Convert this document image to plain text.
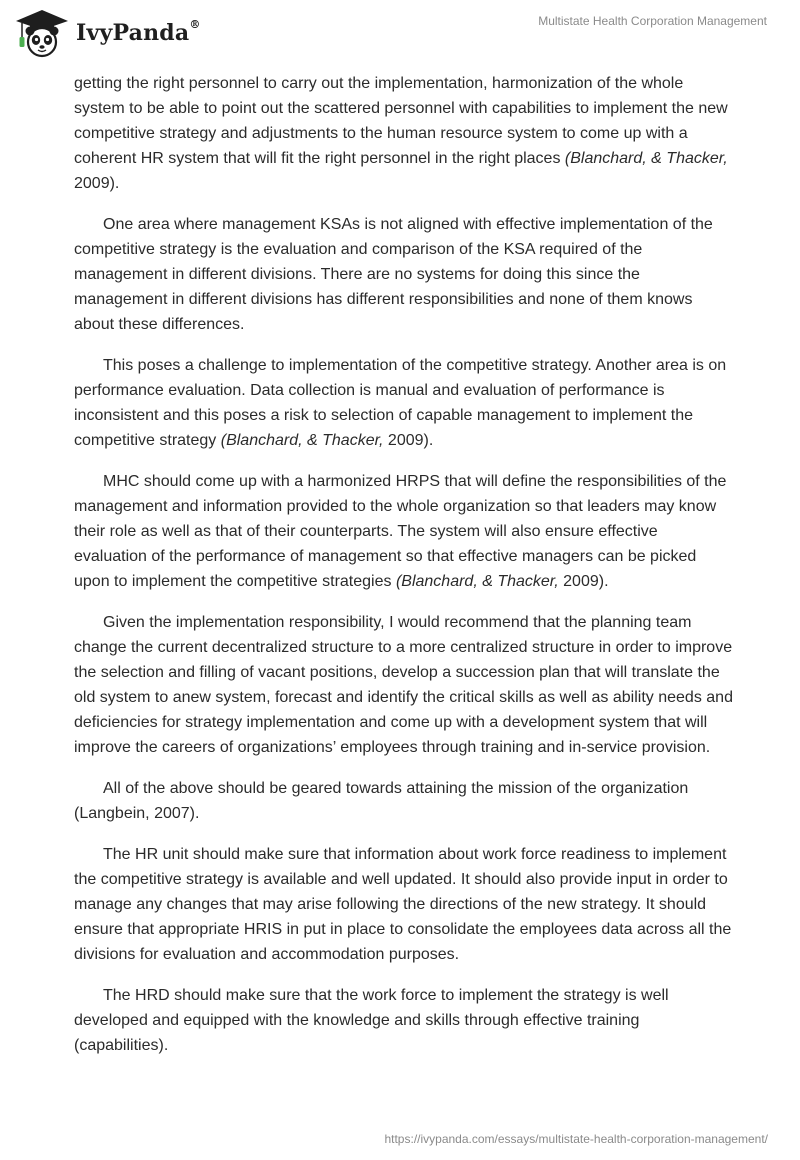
IvyPanda®	Multistate Health Corporation Management

getting the right personnel to carry out the implementation, harmonization of the whole system to be able to point out the scattered personnel with capabilities to implement the new competitive strategy and adjustments to the human resource system to come up with a coherent HR system that will fit the right personnel in the right places (Blanchard, & Thacker, 2009).

One area where management KSAs is not aligned with effective implementation of the competitive strategy is the evaluation and comparison of the KSA required of the management in different divisions. There are no systems for doing this since the management in different divisions has different responsibilities and none of them knows about these differences.

This poses a challenge to implementation of the competitive strategy. Another area is on performance evaluation. Data collection is manual and evaluation of performance is inconsistent and this poses a risk to selection of capable management to implement the competitive strategy (Blanchard, & Thacker, 2009).

MHC should come up with a harmonized HRPS that will define the responsibilities of the management and information provided to the whole organization so that leaders may know their role as well as that of their counterparts. The system will also ensure effective evaluation of the performance of management so that effective managers can be picked upon to implement the competitive strategies (Blanchard, & Thacker, 2009).

Given the implementation responsibility, I would recommend that the planning team change the current decentralized structure to a more centralized structure in order to improve the selection and filling of vacant positions, develop a succession plan that will translate the old system to anew system, forecast and identify the critical skills as well as ability needs and deficiencies for strategy implementation and come up with a development system that will improve the careers of organizations’ employees through training and in-service provision.

All of the above should be geared towards attaining the mission of the organization (Langbein, 2007).

The HR unit should make sure that information about work force readiness to implement the competitive strategy is available and well updated. It should also provide input in order to manage any changes that may arise following the directions of the new strategy. It should ensure that appropriate HRIS in put in place to consolidate the employees data across all the divisions for evaluation and accommodation purposes.

The HRD should make sure that the work force to implement the strategy is well developed and equipped with the knowledge and skills through effective training (capabilities).

https://ivypanda.com/essays/multistate-health-corporation-management/
